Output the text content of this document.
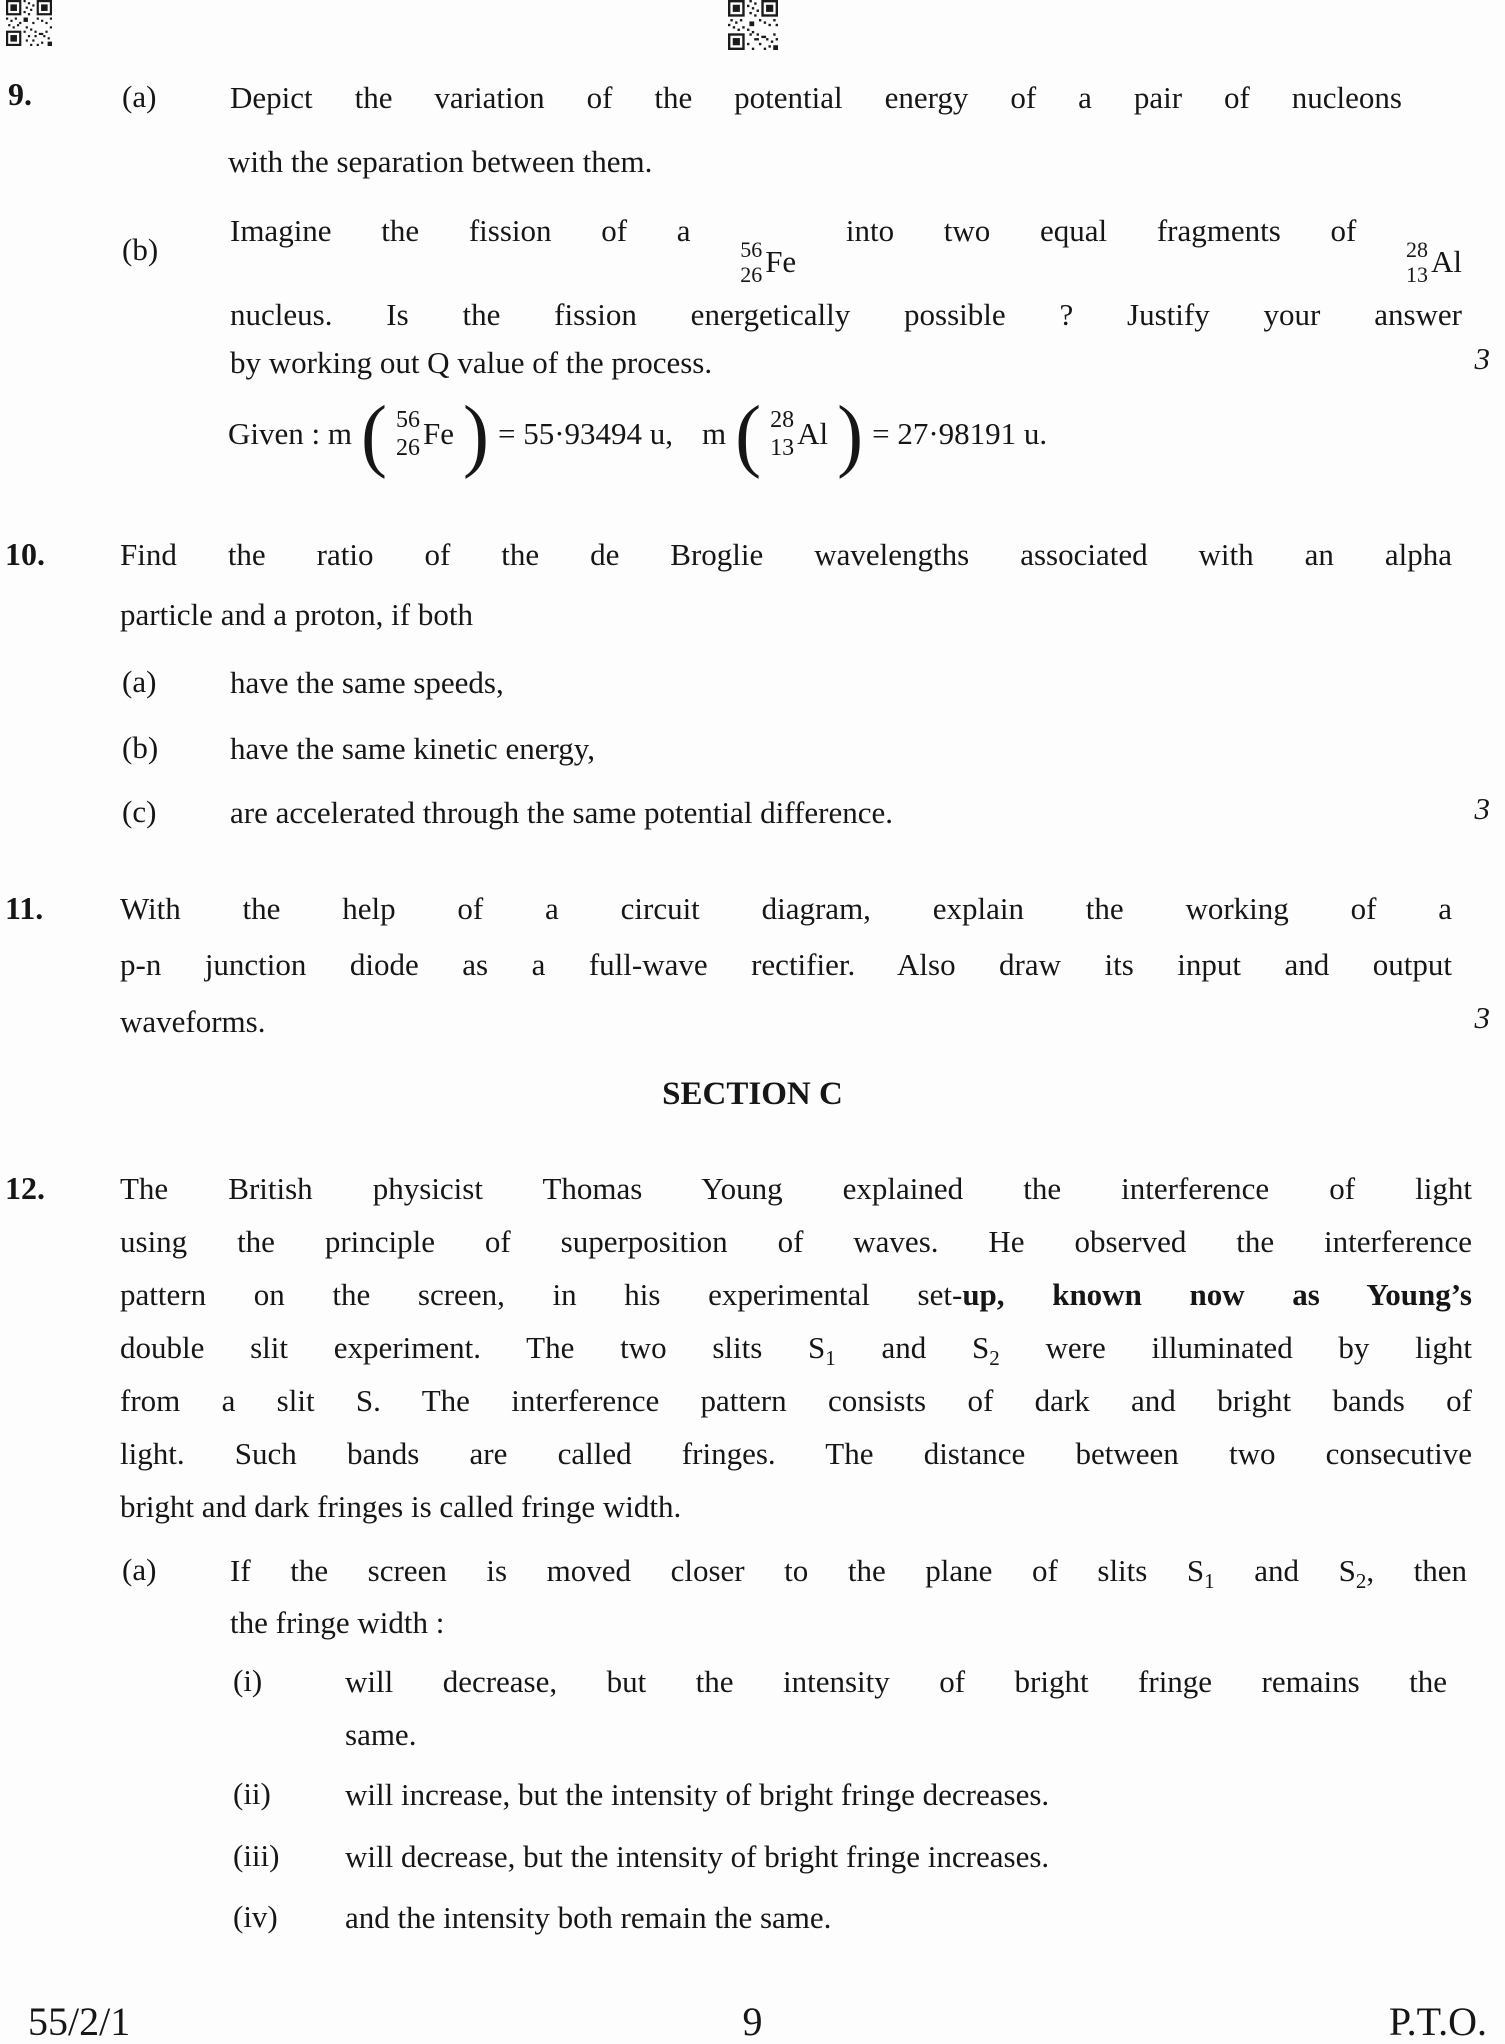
9.	(a) Depict the variation of the potential energy of a pair of nucleons
with the separation between them.
(b)
Imagine the fission of a
56
26 Fe
into two equal fragments of
28
13 Al
nucleus. Is the fission energetically possible ? Justify your answer
by working out Q value of the process.	3
Given : m ( 56
26 Fe ) = 55·93494 u, m ( 28
13 Al ) = 27·98191 u.
10. Find the ratio of the de Broglie wavelengths associated with an alpha
particle and a proton, if both
(a) have the same speeds,
(b) have the same kinetic energy,
(c) are accelerated through the same potential difference.	3
11. With the help of a circuit diagram, explain the working of a
p-n junction diode as a full-wave rectifier. Also draw its input and output
waveforms.	3
SECTION C
12. The British physicist Thomas Young explained the interference of light
using the principle of superposition of waves. He observed the interference
pattern on the screen, in his experimental set-up, known now as Young’s
double slit experiment. The two slits $S_1$ and $S_2$ were illuminated by light
from a slit S. The interference pattern consists of dark and bright bands of
light. Such bands are called fringes. The distance between two consecutive
bright and dark fringes is called fringe width.
(a) If the screen is moved closer to the plane of slits $S_1$ and $S_2$, then
the fringe width :
(i)	will decrease, but the intensity of bright fringe remains the
same.
(ii) will increase, but the intensity of bright fringe decreases.
(iii) will decrease, but the intensity of bright fringe increases.
(iv) and the intensity both remain the same.
55/2/1	9	P.T.O.
